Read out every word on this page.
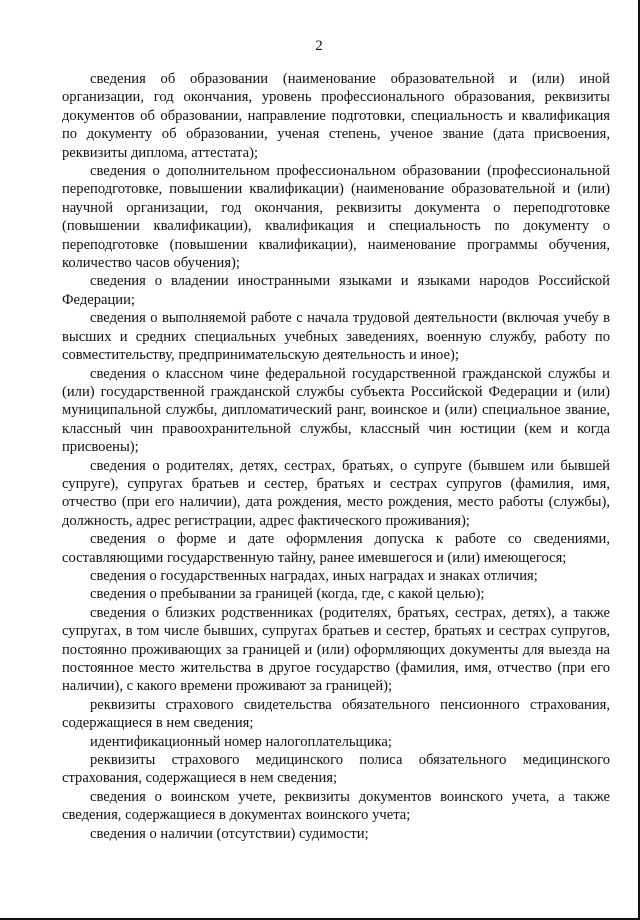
2

сведения об образовании (наименование образовательной и (или) иной организации, год окончания, уровень профессионального образования, реквизиты документов об образовании, направление подготовки, специальность и квалификация по документу об образовании, ученая степень, ученое звание (дата присвоения, реквизиты диплома, аттестата);

сведения о дополнительном профессиональном образовании (профессиональной переподготовке, повышении квалификации) (наименование образовательной и (или) научной организации, год окончания, реквизиты документа о переподготовке (повышении квалификации), квалификация и специальность по документу о переподготовке (повышении квалификации), наименование программы обучения, количество часов обучения);

сведения о владении иностранными языками и языками народов Российской Федерации;

сведения о выполняемой работе с начала трудовой деятельности (включая учебу в высших и средних специальных учебных заведениях, военную службу, работу по совместительству, предпринимательскую деятельность и иное);

сведения о классном чине федеральной государственной гражданской службы и (или) государственной гражданской службы субъекта Российской Федерации и (или) муниципальной службы, дипломатический ранг, воинское и (или) специальное звание, классный чин правоохранительной службы, классный чин юстиции (кем и когда присвоены);

сведения о родителях, детях, сестрах, братьях, о супруге (бывшем или бывшей супруге), супругах братьев и сестер, братьях и сестрах супругов (фамилия, имя, отчество (при его наличии), дата рождения, место рождения, место работы (службы), должность, адрес регистрации, адрес фактического проживания);

сведения о форме и дате оформления допуска к работе со сведениями, составляющими государственную тайну, ранее имевшегося и (или) имеющегося;

сведения о государственных наградах, иных наградах и знаках отличия;

сведения о пребывании за границей (когда, где, с какой целью);

сведения о близких родственниках (родителях, братьях, сестрах, детях), а также супругах, в том числе бывших, супругах братьев и сестер, братьях и сестрах супругов, постоянно проживающих за границей и (или) оформляющих документы для выезда на постоянное место жительства в другое государство (фамилия, имя, отчество (при его наличии), с какого времени проживают за границей);

реквизиты страхового свидетельства обязательного пенсионного страхования, содержащиеся в нем сведения;

идентификационный номер налогоплательщика;

реквизиты страхового медицинского полиса обязательного медицинского страхования, содержащиеся в нем сведения;

сведения о воинском учете, реквизиты документов воинского учета, а также сведения, содержащиеся в документах воинского учета;

сведения о наличии (отсутствии) судимости;
